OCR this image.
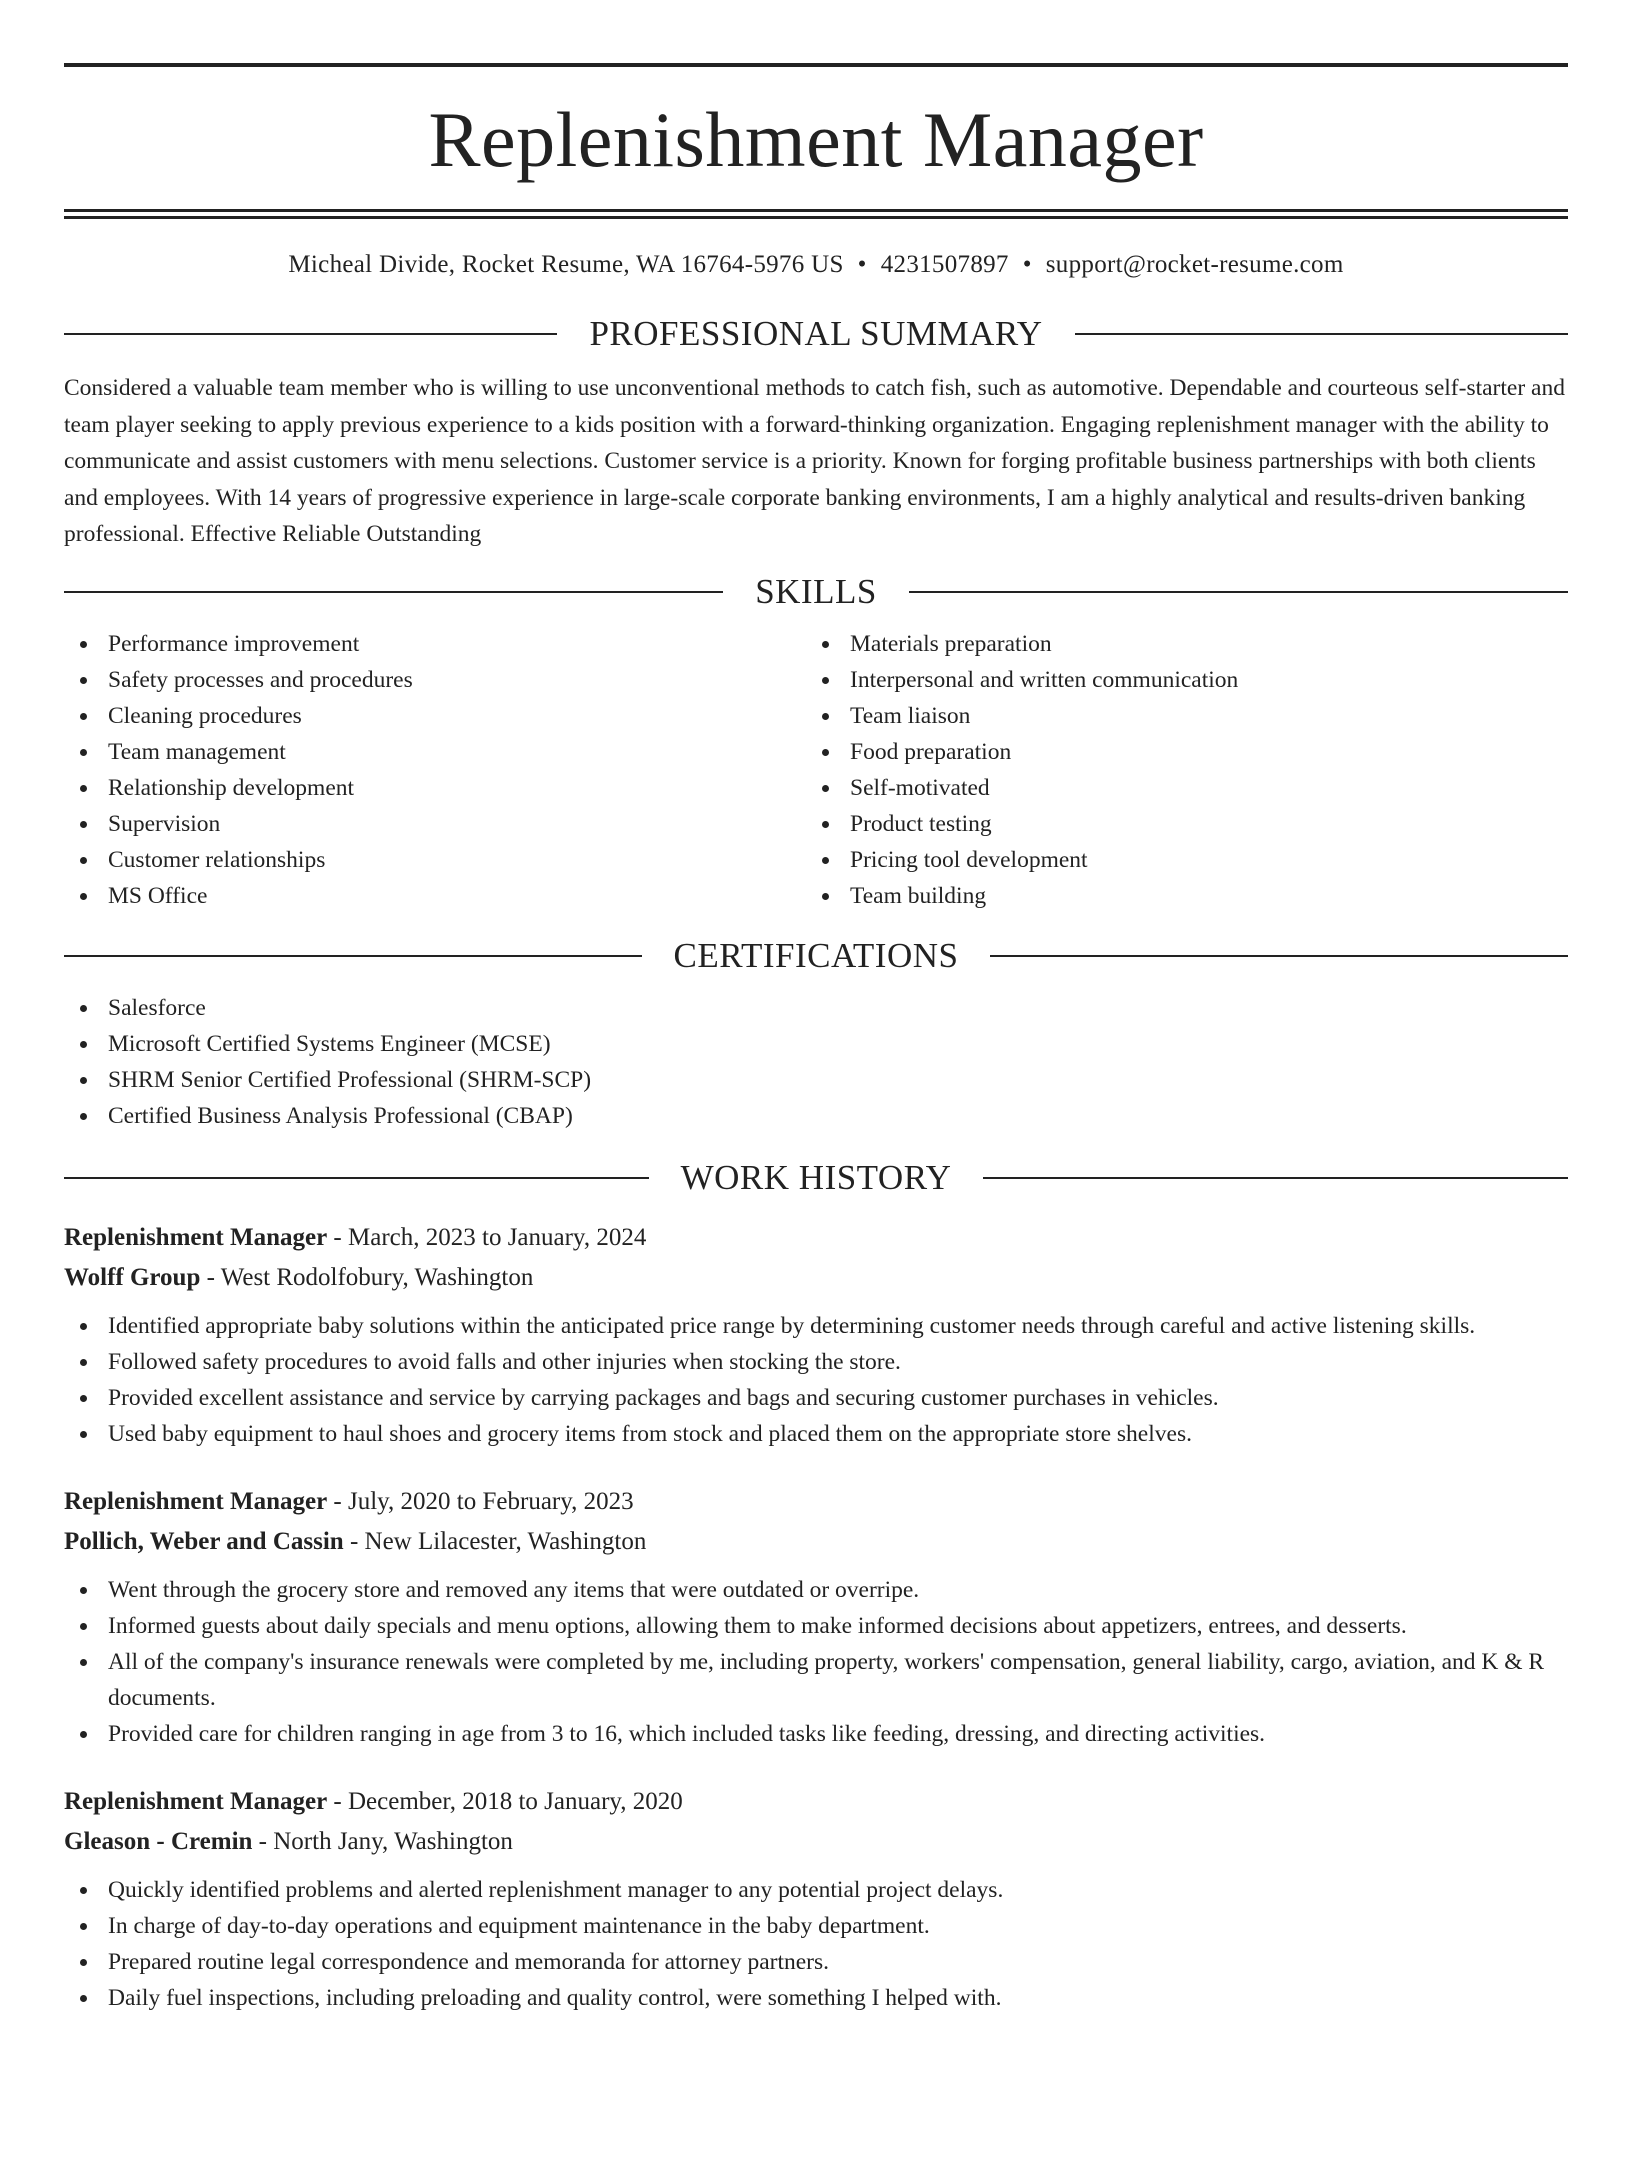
Replenishment Manager
Micheal Divide, Rocket Resume, WA 16764-5976 US • 4231507897 • support@rocket-resume.com
PROFESSIONAL SUMMARY

Considered a valuable team member who is willing to use unconventional methods to catch fish, such as automotive. Dependable and courteous self-starter and team player seeking to apply previous experience to a kids position with a forward-thinking organization. Engaging replenishment manager with the ability to communicate and assist customers with menu selections. Customer service is a priority. Known for forging profitable business partnerships with both clients and employees. With 14 years of progressive experience in large-scale corporate banking environments, I am a highly analytical and results-driven banking professional. Effective Reliable Outstanding

SKILLS
Performance improvement
Safety processes and procedures
Cleaning procedures
Team management
Relationship development
Supervision
Customer relationships
MS Office
Materials preparation
Interpersonal and written communication
Team liaison
Food preparation
Self-motivated
Product testing
Pricing tool development
Team building
CERTIFICATIONS
Salesforce
Microsoft Certified Systems Engineer (MCSE)
SHRM Senior Certified Professional (SHRM-SCP)
Certified Business Analysis Professional (CBAP)
WORK HISTORY
Replenishment Manager - March, 2023 to January, 2024
Wolff Group - West Rodolfobury, Washington
Identified appropriate baby solutions within the anticipated price range by determining customer needs through careful and active listening skills.
Followed safety procedures to avoid falls and other injuries when stocking the store.
Provided excellent assistance and service by carrying packages and bags and securing customer purchases in vehicles.
Used baby equipment to haul shoes and grocery items from stock and placed them on the appropriate store shelves.
Replenishment Manager - July, 2020 to February, 2023
Pollich, Weber and Cassin - New Lilacester, Washington
Went through the grocery store and removed any items that were outdated or overripe.
Informed guests about daily specials and menu options, allowing them to make informed decisions about appetizers, entrees, and desserts.
All of the company's insurance renewals were completed by me, including property, workers' compensation, general liability, cargo, aviation, and K & R documents.
Provided care for children ranging in age from 3 to 16, which included tasks like feeding, dressing, and directing activities.
Replenishment Manager - December, 2018 to January, 2020
Gleason - Cremin - North Jany, Washington
Quickly identified problems and alerted replenishment manager to any potential project delays.
In charge of day-to-day operations and equipment maintenance in the baby department.
Prepared routine legal correspondence and memoranda for attorney partners.
Daily fuel inspections, including preloading and quality control, were something I helped with.
